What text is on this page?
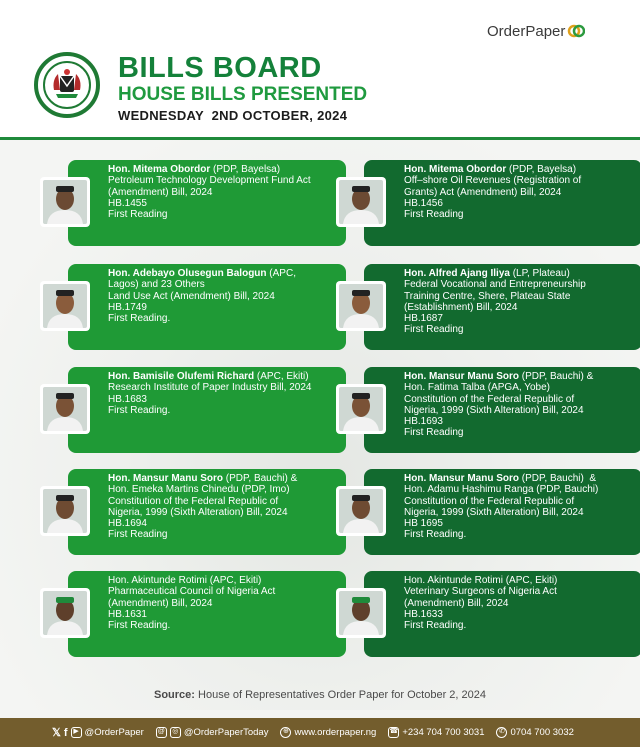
BILLS BOARD
HOUSE BILLS PRESENTED
WEDNESDAY  2ND OCTOBER, 2024
OrderPaper
Hon. Mitema Obordor (PDP, Bayelsa)
Petroleum Technology Development Fund Act
(Amendment) Bill, 2024
HB.1455
First Reading
Hon. Mitema Obordor (PDP, Bayelsa)
Off–shore Oil Revenues (Registration of
Grants) Act (Amendment) Bill, 2024
HB.1456
First Reading
Hon. Adebayo Olusegun Balogun (APC,
Lagos) and 23 Others
Land Use Act (Amendment) Bill, 2024
HB.1749
First Reading.
Hon. Alfred Ajang Iliya (LP, Plateau)
Federal Vocational and Entrepreneurship
Training Centre, Shere, Plateau State
(Establishment) Bill, 2024
HB.1687
First Reading
Hon. Bamisile Olufemi Richard (APC, Ekiti)
Research Institute of Paper Industry Bill, 2024
HB.1683
First Reading.
Hon. Mansur Manu Soro (PDP, Bauchi) &
Hon. Fatima Talba (APGA, Yobe)
Constitution of the Federal Republic of
Nigeria, 1999 (Sixth Alteration) Bill, 2024
HB.1693
First Reading
Hon. Mansur Manu Soro (PDP, Bauchi) &
Hon. Emeka Martins Chinedu (PDP, Imo)
Constitution of the Federal Republic of
Nigeria, 1999 (Sixth Alteration) Bill, 2024
HB.1694
First Reading
Hon. Mansur Manu Soro (PDP, Bauchi)  &
Hon. Adamu Hashimu Ranga (PDP, Bauchi)
Constitution of the Federal Republic of
Nigeria, 1999 (Sixth Alteration) Bill, 2024
HB 1695
First Reading.
Hon. Akintunde Rotimi (APC, Ekiti)
Pharmaceutical Council of Nigeria Act
(Amendment) Bill, 2024
HB.1631
First Reading.
Hon. Akintunde Rotimi (APC, Ekiti)
Veterinary Surgeons of Nigeria Act
(Amendment) Bill, 2024
HB.1633
First Reading.
Source: House of Representatives Order Paper for October 2, 2024
𝕏 f ▶ @OrderPaper @	◎ @OrderPaperToday	⊕ www.orderpaper.ng ☎ +234 704 700 3031	✆ 0704 700 3032
